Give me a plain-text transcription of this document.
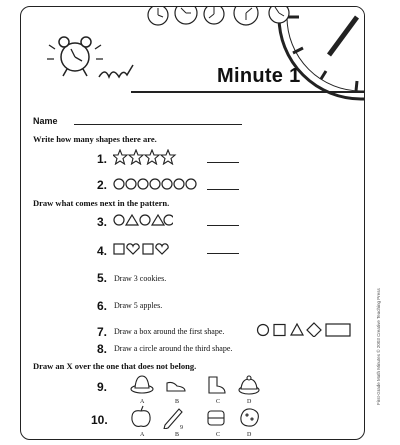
Minute 1
Name
Write how many shapes there are.
1.
2.
Draw what comes next in the pattern.
3.
4.
5. Draw 3 cookies.
6. Draw 5 apples.
7. Draw a box around the first shape.
8. Draw a circle around the third shape.
Draw an X over the one that does not belong.
9.
A	B	C	D
10.
A	B	C	D
9
First-Grade Math Minutes © 2003 Creative Teaching Press
